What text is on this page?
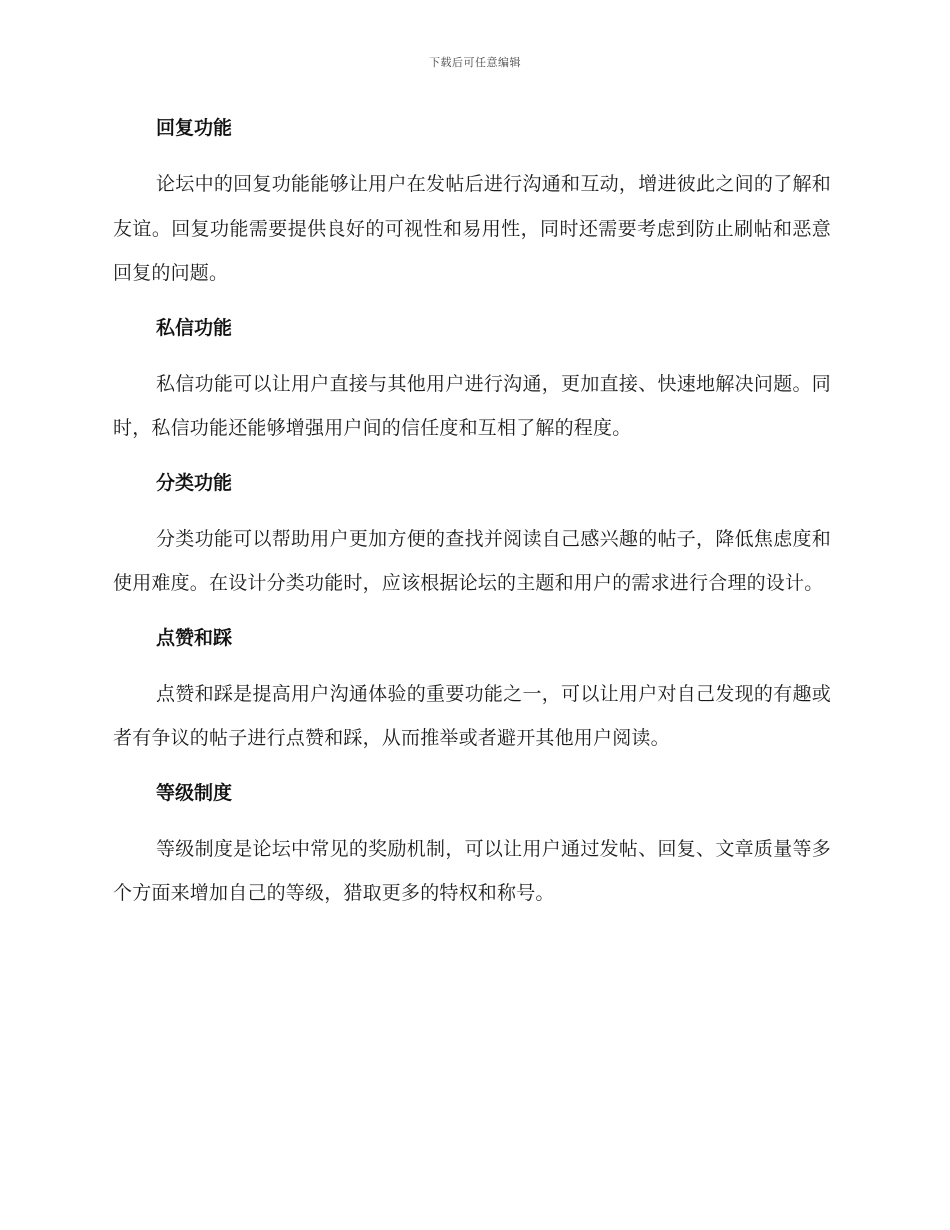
下载后可任意编辑
回复功能
论坛中的回复功能能够让用户在发帖后进行沟通和互动，增进彼此之间的了解和友谊。回复功能需要提供良好的可视性和易用性，同时还需要考虑到防止刷帖和恶意回复的问题。
私信功能
私信功能可以让用户直接与其他用户进行沟通，更加直接、快速地解决问题。同时，私信功能还能够增强用户间的信任度和互相了解的程度。
分类功能
分类功能可以帮助用户更加方便的查找并阅读自己感兴趣的帖子，降低焦虑度和使用难度。在设计分类功能时，应该根据论坛的主题和用户的需求进行合理的设计。
点赞和踩
点赞和踩是提高用户沟通体验的重要功能之一，可以让用户对自己发现的有趣或者有争议的帖子进行点赞和踩，从而推举或者避开其他用户阅读。
等级制度
等级制度是论坛中常见的奖励机制，可以让用户通过发帖、回复、文章质量等多个方面来增加自己的等级，猎取更多的特权和称号。
